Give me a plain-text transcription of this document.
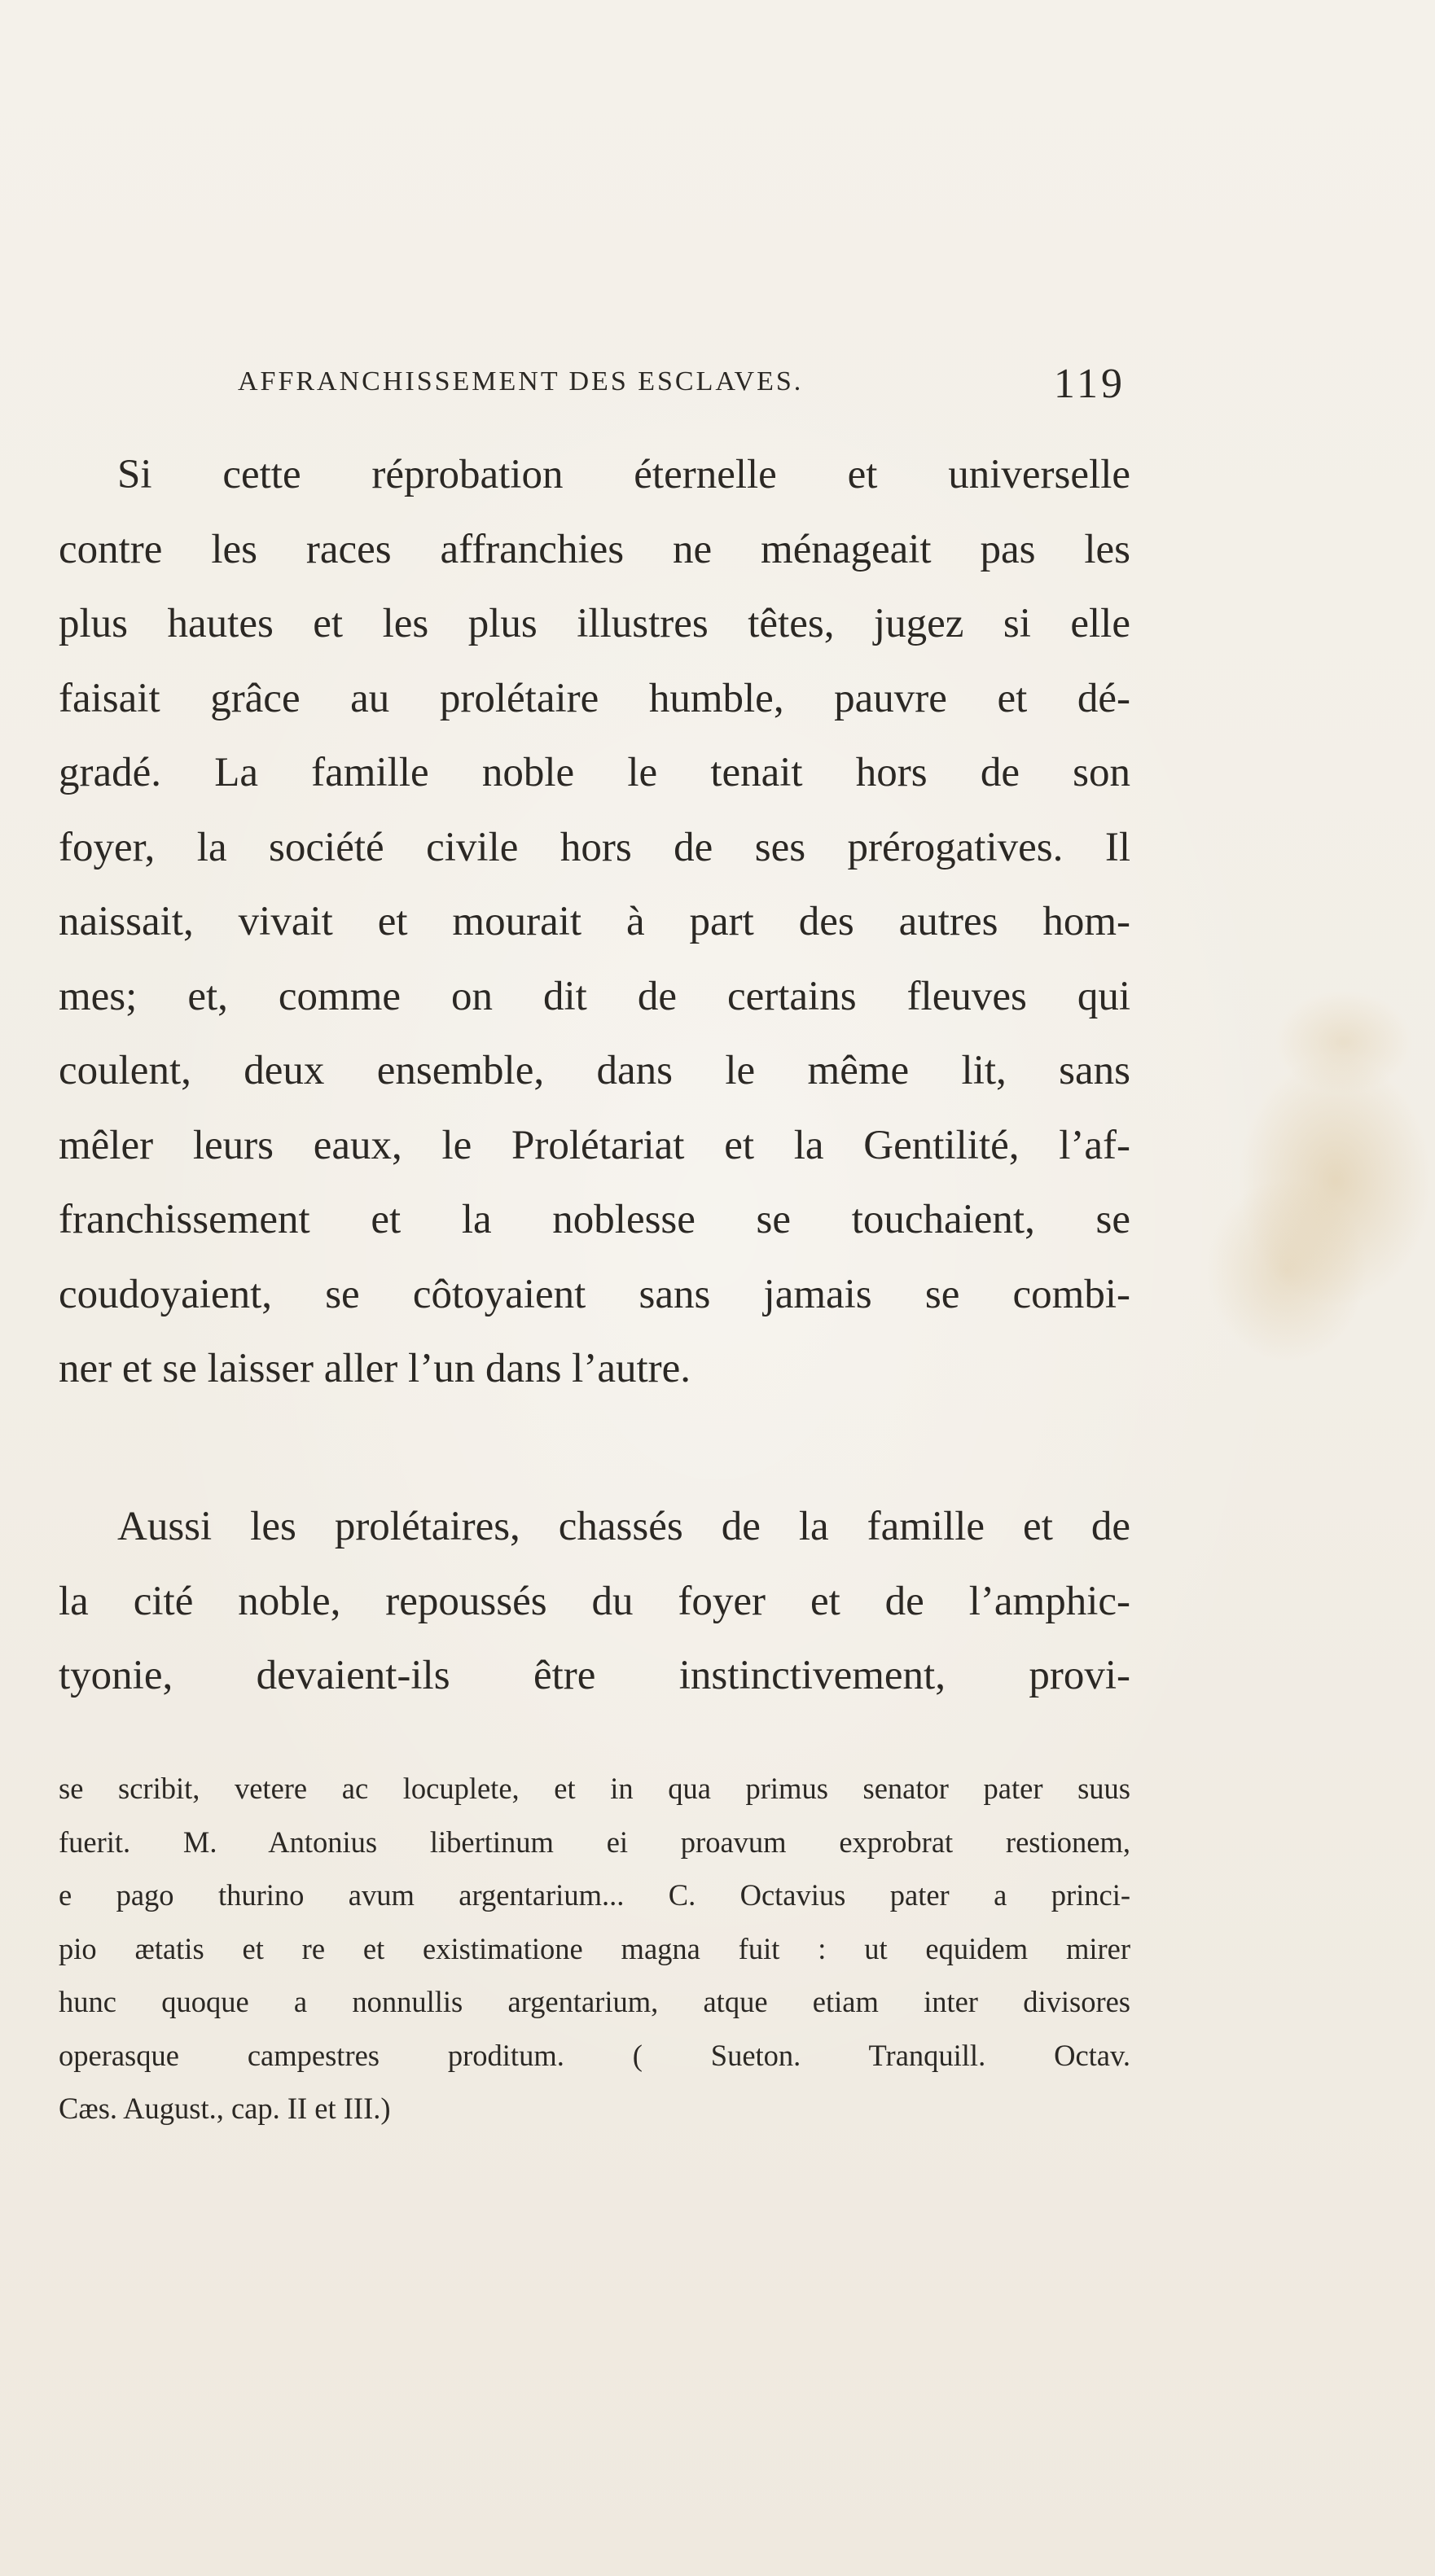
AFFRANCHISSEMENT DES ESCLAVES.	119
Si cette réprobation éternelle et universelle
contre les races affranchies ne ménageait pas les
plus hautes et les plus illustres têtes, jugez si elle
faisait grâce au prolétaire humble, pauvre et dé-
gradé. La famille noble le tenait hors de son
foyer, la société civile hors de ses prérogatives. Il
naissait, vivait et mourait à part des autres hom-
mes; et, comme on dit de certains fleuves qui
coulent, deux ensemble, dans le même lit, sans
mêler leurs eaux, le Prolétariat et la Gentilité, l’af-
franchissement et la noblesse se touchaient, se
coudoyaient, se côtoyaient sans jamais se combi-
ner et se laisser aller l’un dans l’autre.
Aussi les prolétaires, chassés de la famille et de
la cité noble, repoussés du foyer et de l’amphic-
tyonie, devaient-ils être instinctivement, provi-
se scribit, vetere ac locuplete, et in qua primus senator pater suus
fuerit. M. Antonius libertinum ei proavum exprobrat restionem,
e pago thurino avum argentarium... C. Octavius pater a princi-
pio ætatis et re et existimatione magna fuit : ut equidem mirer
hunc quoque a nonnullis argentarium, atque etiam inter divisores
operasque campestres proditum. ( Sueton. Tranquill. Octav.
Cæs. August., cap. II et III.)
